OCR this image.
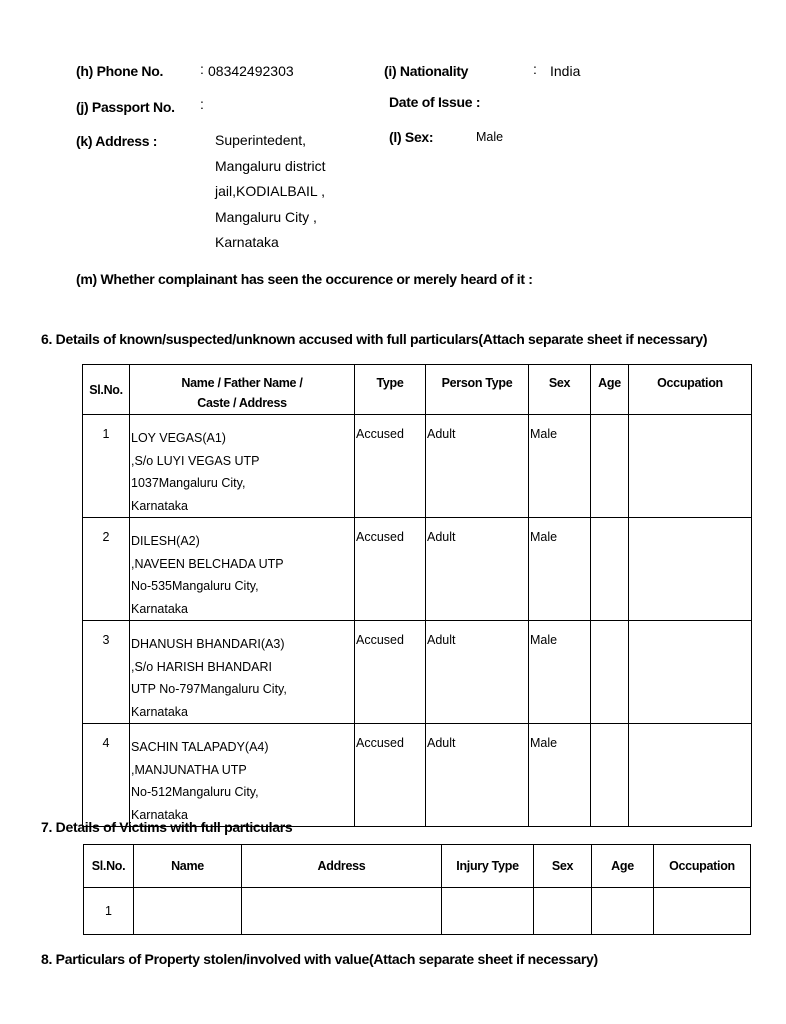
(h) Phone No.	: 08342492303	(i) Nationality	: India
(j) Passport No. :	Date of Issue :
(k) Address :	Superintedent,
Mangaluru district
jail,KODIALBAIL ,
Mangaluru City ,
Karnataka
(l) Sex:	Male
(m) Whether complainant has seen the occurence or merely heard of it :
6. Details of known/suspected/unknown accused with full particulars(Attach separate sheet if necessary)
Sl.No.	Name / Father Name /
Caste / Address	Type	Person Type	Sex	Age	Occupation
1	LOY VEGAS(A1)
,S/o LUYI VEGAS UTP
1037Mangaluru City,
Karnataka	Accused	Adult	Male		
2	DILESH(A2)
,NAVEEN BELCHADA UTP
No-535Mangaluru City,
Karnataka	Accused	Adult	Male		
3	DHANUSH BHANDARI(A3)
,S/o HARISH BHANDARI
UTP No-797Mangaluru City,
Karnataka	Accused	Adult	Male		
4	SACHIN TALAPADY(A4)
,MANJUNATHA UTP
No-512Mangaluru City,
Karnataka	Accused	Adult	Male		
7. Details of Victims with full particulars
Sl.No.	Name	Address	Injury Type	Sex	Age	Occupation
1						
8. Particulars of Property stolen/involved with value(Attach separate sheet if necessary)
